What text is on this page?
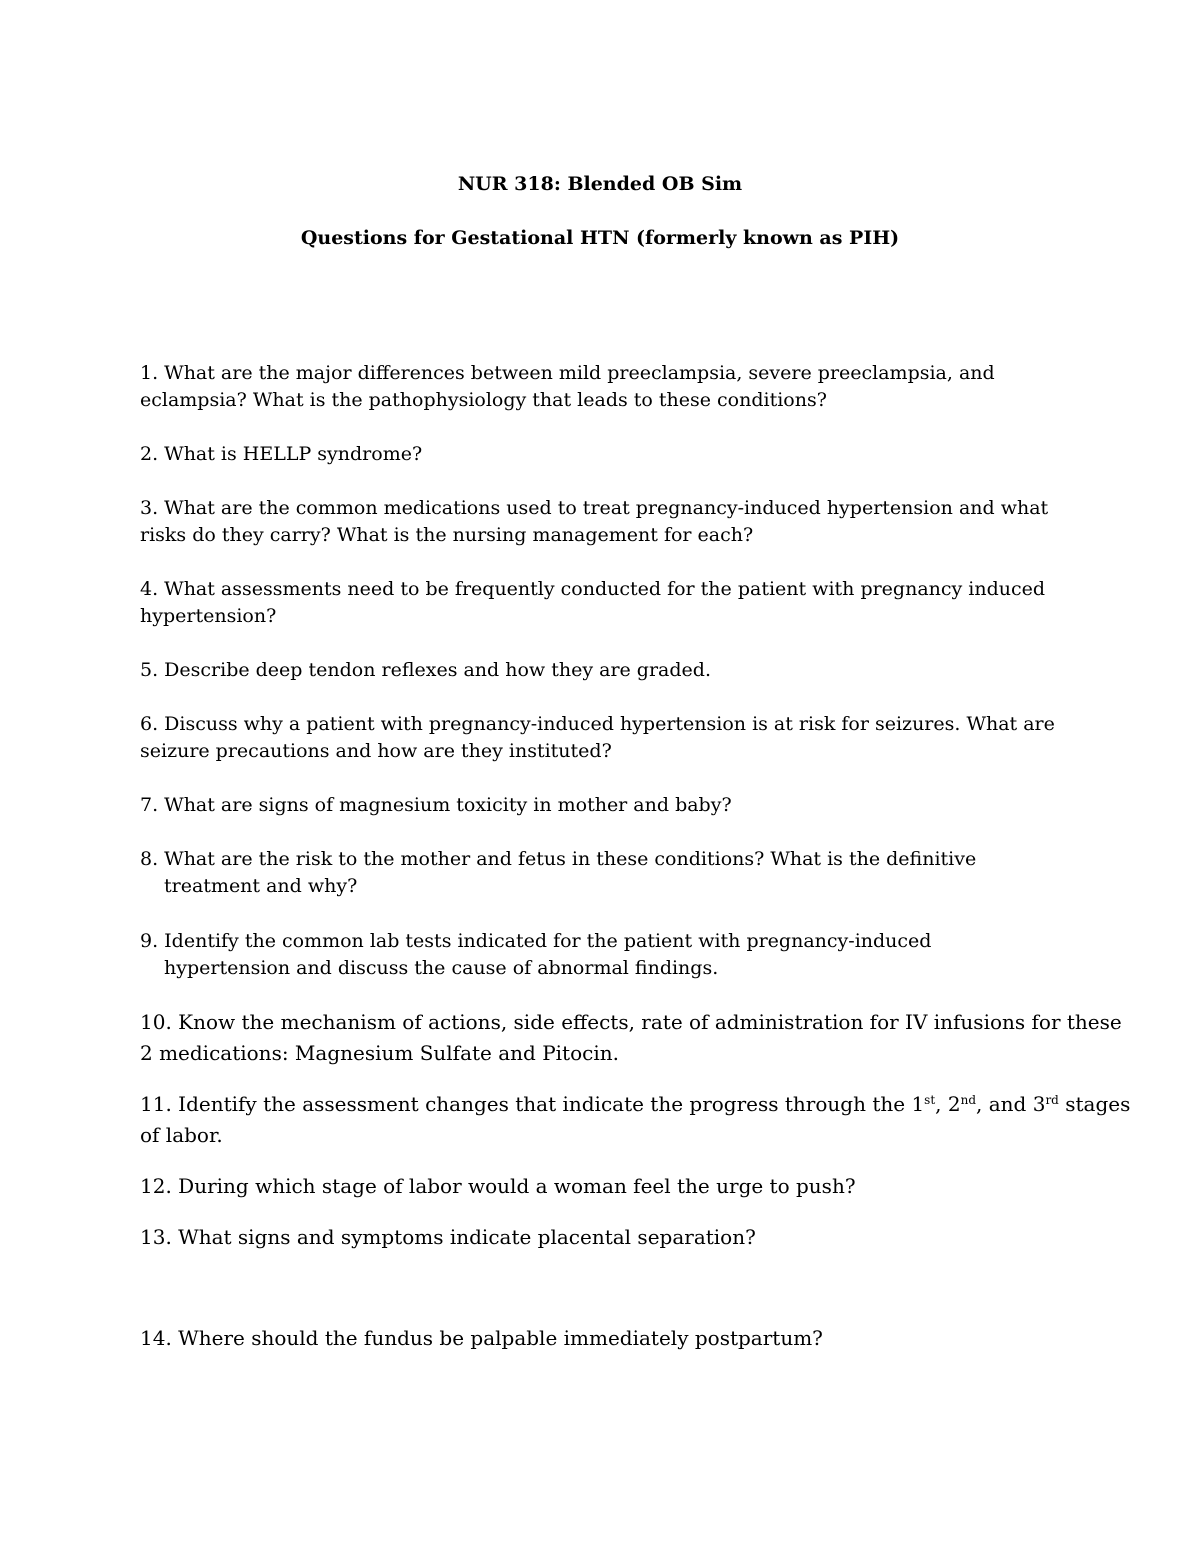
NUR 318: Blended OB Sim
Questions for Gestational HTN (formerly known as PIH)
1. What are the major differences between mild preeclampsia, severe preeclampsia, and
eclampsia? What is the pathophysiology that leads to these conditions?
2. What is HELLP syndrome?
3. What are the common medications used to treat pregnancy-induced hypertension and what
risks do they carry? What is the nursing management for each?
4. What assessments need to be frequently conducted for the patient with pregnancy induced
hypertension?
5. Describe deep tendon reflexes and how they are graded.
6. Discuss why a patient with pregnancy-induced hypertension is at risk for seizures. What are
seizure precautions and how are they instituted?
7. What are signs of magnesium toxicity in mother and baby?
8. What are the risk to the mother and fetus in these conditions? What is the definitive
treatment and why?
9. Identify the common lab tests indicated for the patient with pregnancy-induced
hypertension and discuss the cause of abnormal findings.
10. Know the mechanism of actions, side effects, rate of administration for IV infusions for these
2 medications: Magnesium Sulfate and Pitocin.
11. Identify the assessment changes that indicate the progress through the 1st, 2nd, and 3rd stages
of labor.
12. During which stage of labor would a woman feel the urge to push?
13. What signs and symptoms indicate placental separation?
14. Where should the fundus be palpable immediately postpartum?
